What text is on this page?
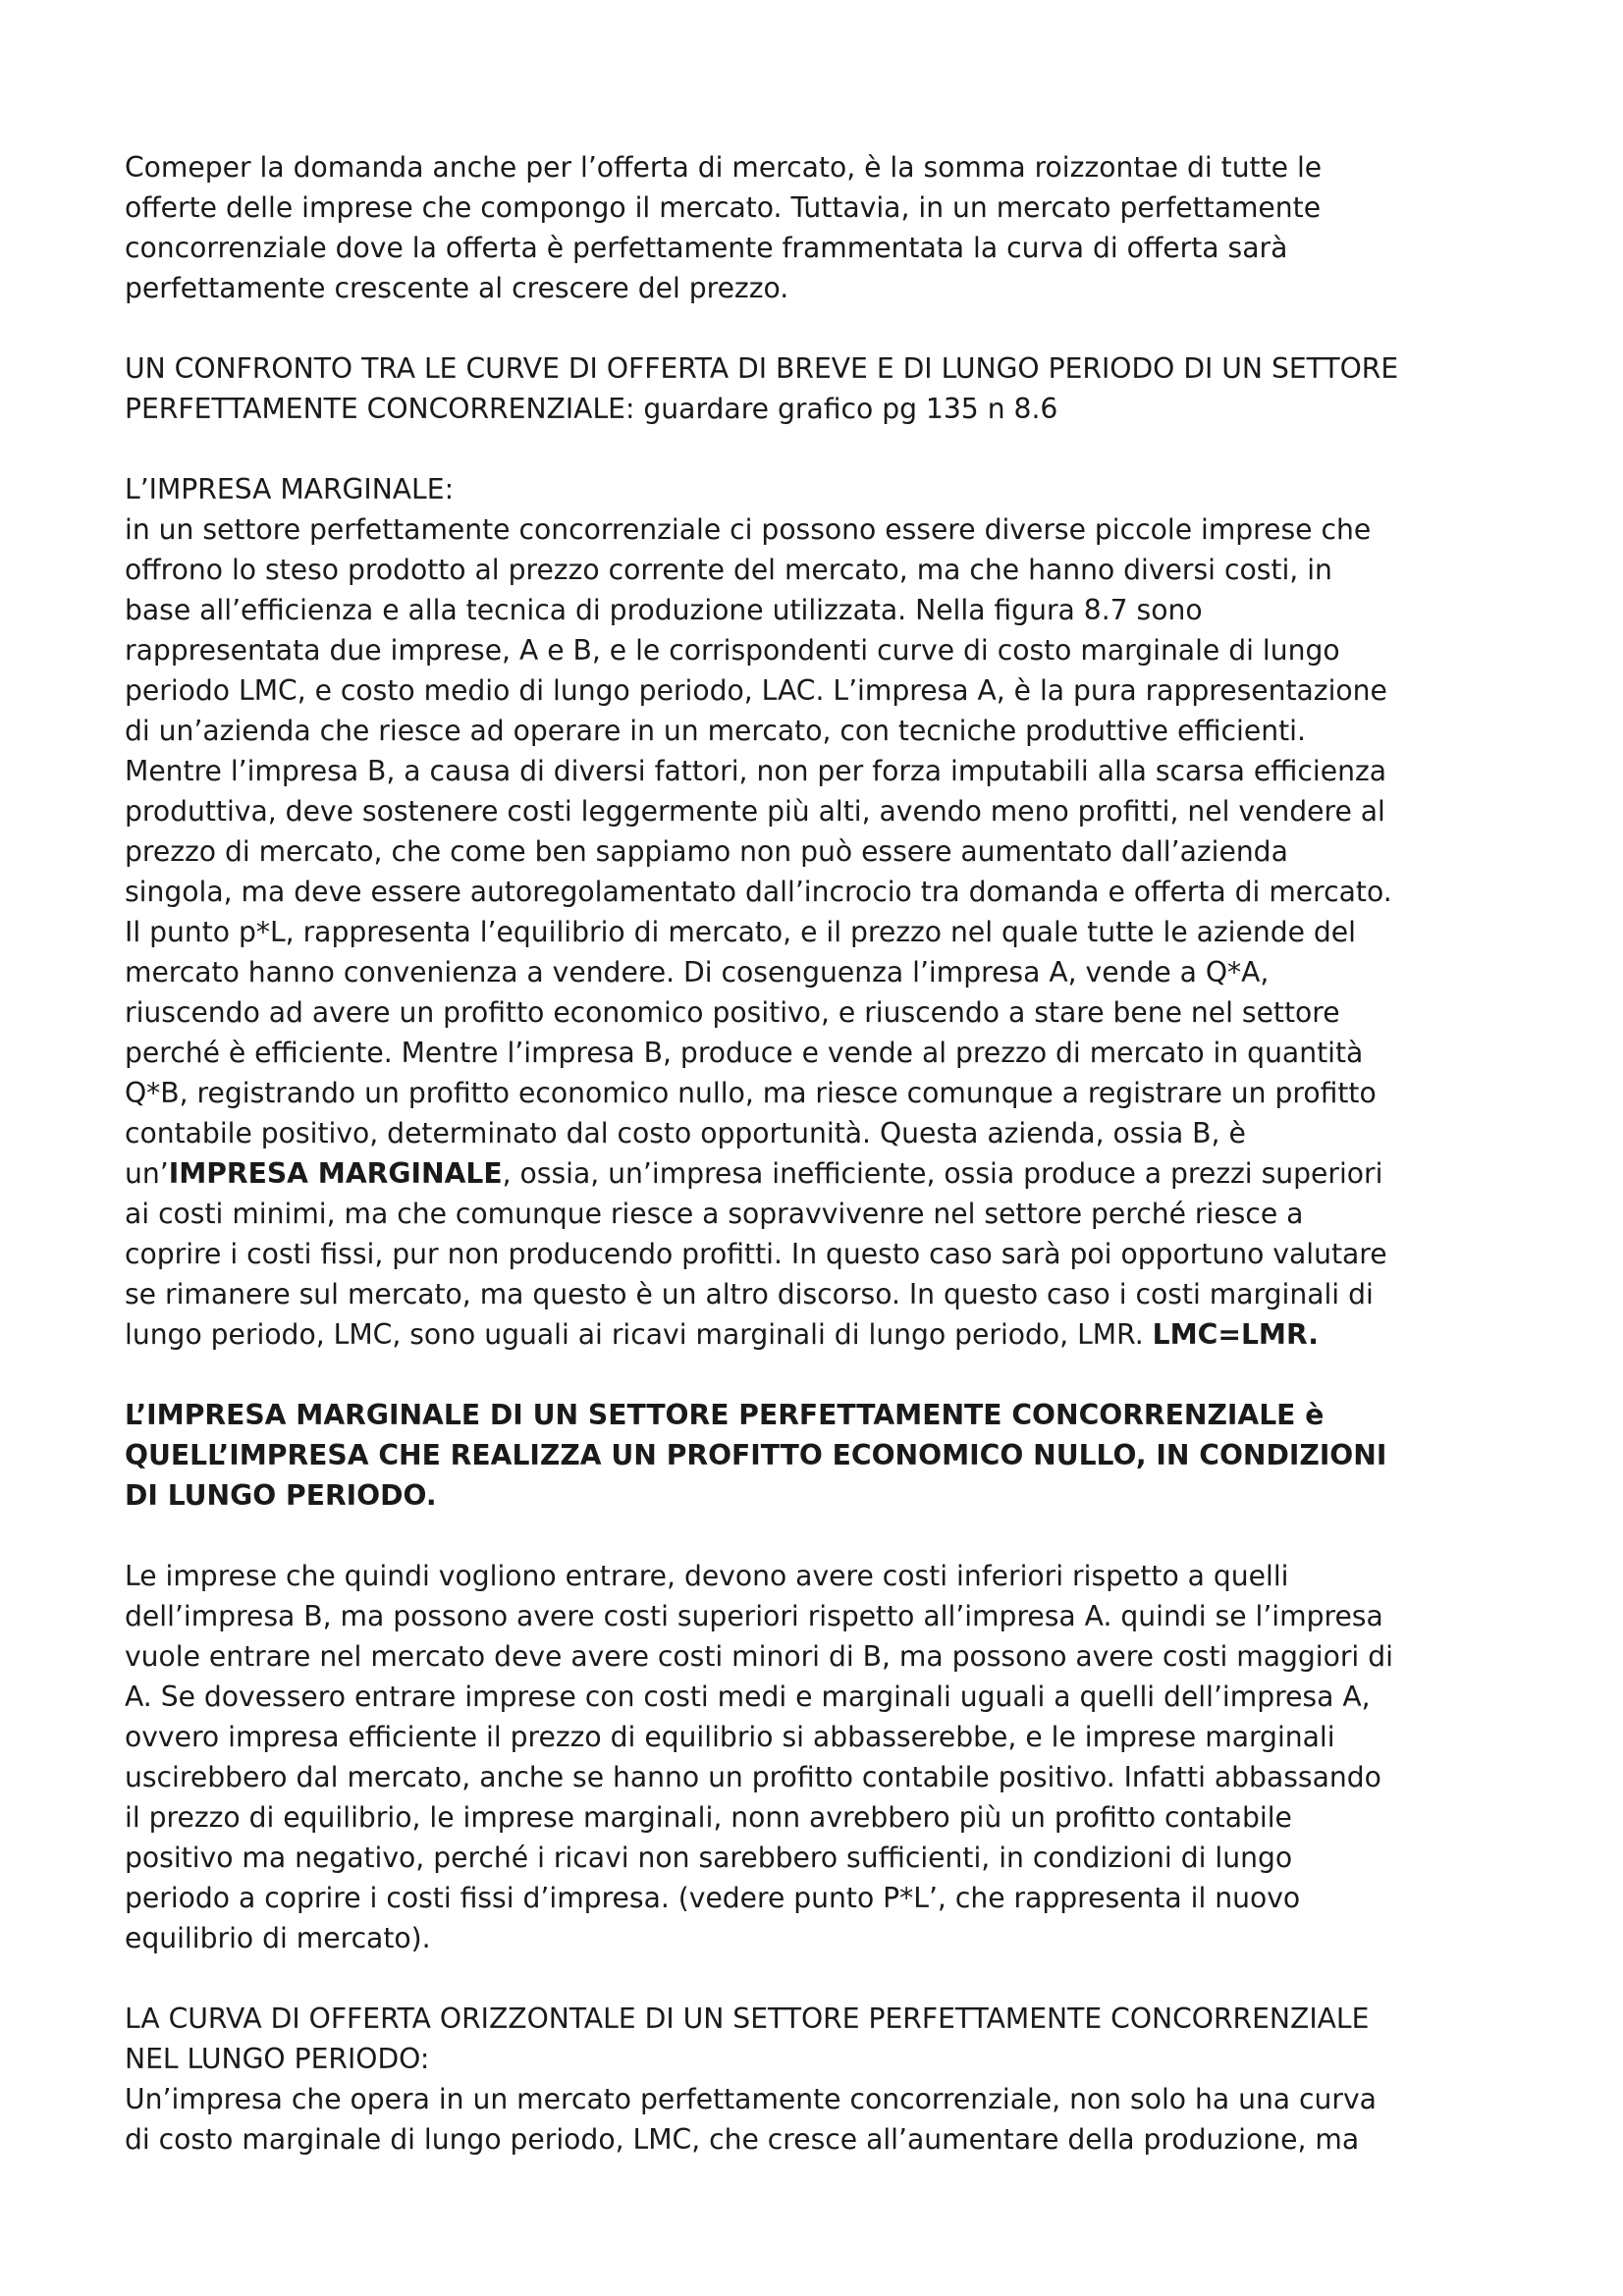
Comeper la domanda anche per l’offerta di mercato, è la somma roizzontae di tutte le
offerte delle imprese che compongo il mercato. Tuttavia, in un mercato perfettamente
concorrenziale dove la offerta è perfettamente frammentata la curva di offerta sarà
perfettamente crescente al crescere del prezzo.
UN CONFRONTO TRA LE CURVE DI OFFERTA DI BREVE E DI LUNGO PERIODO DI UN SETTORE
PERFETTAMENTE CONCORRENZIALE: guardare grafico pg 135 n 8.6
L’IMPRESA MARGINALE:
in un settore perfettamente concorrenziale ci possono essere diverse piccole imprese che
offrono lo steso prodotto al prezzo corrente del mercato, ma che hanno diversi costi, in
base all’efficienza e alla tecnica di produzione utilizzata. Nella figura 8.7 sono
rappresentata due imprese, A e B, e le corrispondenti curve di costo marginale di lungo
periodo LMC, e costo medio di lungo periodo, LAC. L’impresa A, è la pura rappresentazione
di un’azienda che riesce ad operare in un mercato, con tecniche produttive efficienti.
Mentre l’impresa B, a causa di diversi fattori, non per forza imputabili alla scarsa efficienza
produttiva, deve sostenere costi leggermente più alti, avendo meno profitti, nel vendere al
prezzo di mercato, che come ben sappiamo non può essere aumentato dall’azienda
singola, ma deve essere autoregolamentato dall’incrocio tra domanda e offerta di mercato.
Il punto p*L, rappresenta l’equilibrio di mercato, e il prezzo nel quale tutte le aziende del
mercato hanno convenienza a vendere. Di cosenguenza l’impresa A, vende a Q*A,
riuscendo ad avere un profitto economico positivo, e riuscendo a stare bene nel settore
perché è efficiente. Mentre l’impresa B, produce e vende al prezzo di mercato in quantità
Q*B, registrando un profitto economico nullo, ma riesce comunque a registrare un profitto
contabile positivo, determinato dal costo opportunità. Questa azienda, ossia B, è
un’IMPRESA MARGINALE, ossia, un’impresa inefficiente, ossia produce a prezzi superiori
ai costi minimi, ma che comunque riesce a sopravvivenre nel settore perché riesce a
coprire i costi fissi, pur non producendo profitti. In questo caso sarà poi opportuno valutare
se rimanere sul mercato, ma questo è un altro discorso. In questo caso i costi marginali di
lungo periodo, LMC, sono uguali ai ricavi marginali di lungo periodo, LMR. LMC=LMR.
L’IMPRESA MARGINALE DI UN SETTORE PERFETTAMENTE CONCORRENZIALE è
QUELL’IMPRESA CHE REALIZZA UN PROFITTO ECONOMICO NULLO, IN CONDIZIONI
DI LUNGO PERIODO.
Le imprese che quindi vogliono entrare, devono avere costi inferiori rispetto a quelli
dell’impresa B, ma possono avere costi superiori rispetto all’impresa A. quindi se l’impresa
vuole entrare nel mercato deve avere costi minori di B, ma possono avere costi maggiori di
A. Se dovessero entrare imprese con costi medi e marginali uguali a quelli dell’impresa A,
ovvero impresa efficiente il prezzo di equilibrio si abbasserebbe, e le imprese marginali
uscirebbero dal mercato, anche se hanno un profitto contabile positivo. Infatti abbassando
il prezzo di equilibrio, le imprese marginali, nonn avrebbero più un profitto contabile
positivo ma negativo, perché i ricavi non sarebbero sufficienti, in condizioni di lungo
periodo a coprire i costi fissi d’impresa. (vedere punto P*L’, che rappresenta il nuovo
equilibrio di mercato).
LA CURVA DI OFFERTA ORIZZONTALE DI UN SETTORE PERFETTAMENTE CONCORRENZIALE
NEL LUNGO PERIODO:
Un’impresa che opera in un mercato perfettamente concorrenziale, non solo ha una curva
di costo marginale di lungo periodo, LMC, che cresce all’aumentare della produzione, ma
